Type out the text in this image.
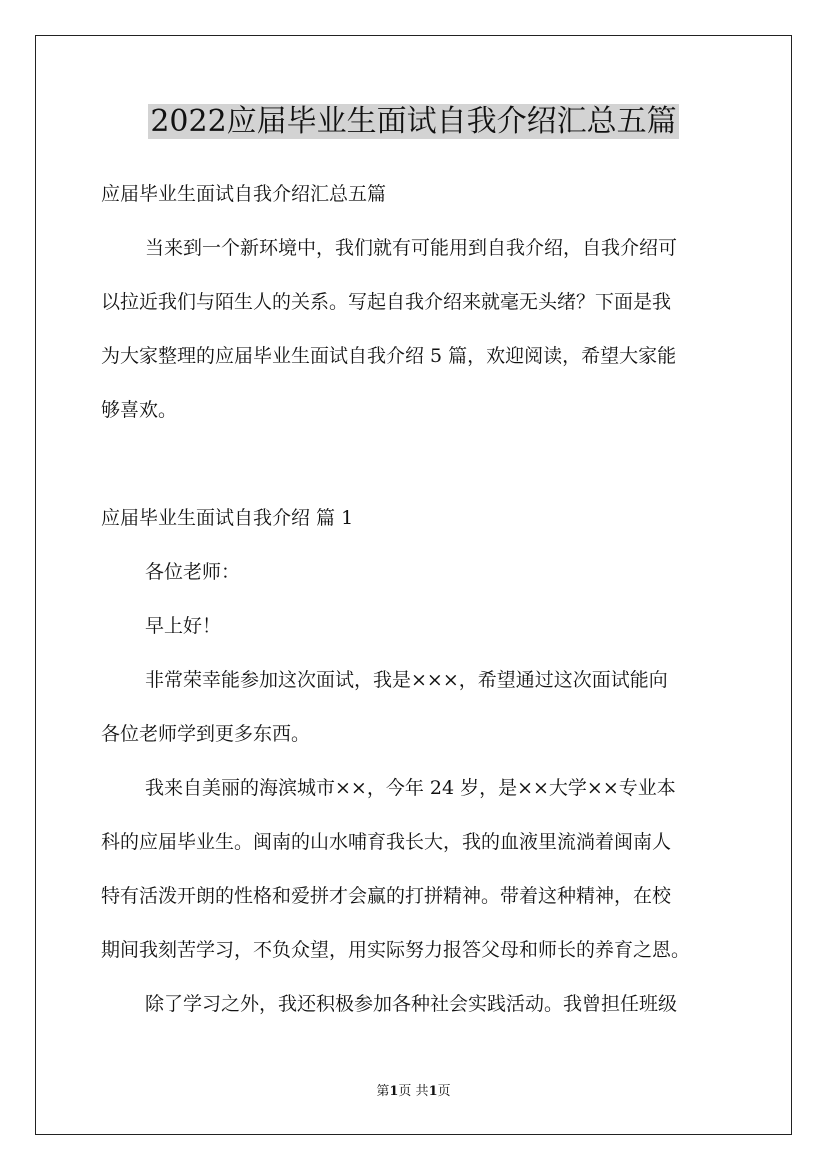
2022应届毕业生面试自我介绍汇总五篇

应届毕业生面试自我介绍汇总五篇

当来到一个新环境中，我们就有可能用到自我介绍，自我介绍可

以拉近我们与陌生人的关系。写起自我介绍来就毫无头绪？下面是我

为大家整理的应届毕业生面试自我介绍 5 篇，欢迎阅读，希望大家能

够喜欢。

应届毕业生面试自我介绍 篇 1

各位老师：

早上好！

非常荣幸能参加这次面试，我是×××，希望通过这次面试能向

各位老师学到更多东西。

我来自美丽的海滨城市××，今年 24 岁，是××大学××专业本

科的应届毕业生。闽南的山水哺育我长大，我的血液里流淌着闽南人

特有活泼开朗的性格和爱拼才会赢的打拼精神。带着这种精神，在校

期间我刻苦学习，不负众望，用实际努力报答父母和师长的养育之恩。

除了学习之外，我还积极参加各种社会实践活动。我曾担任班级

第1页 共1页
